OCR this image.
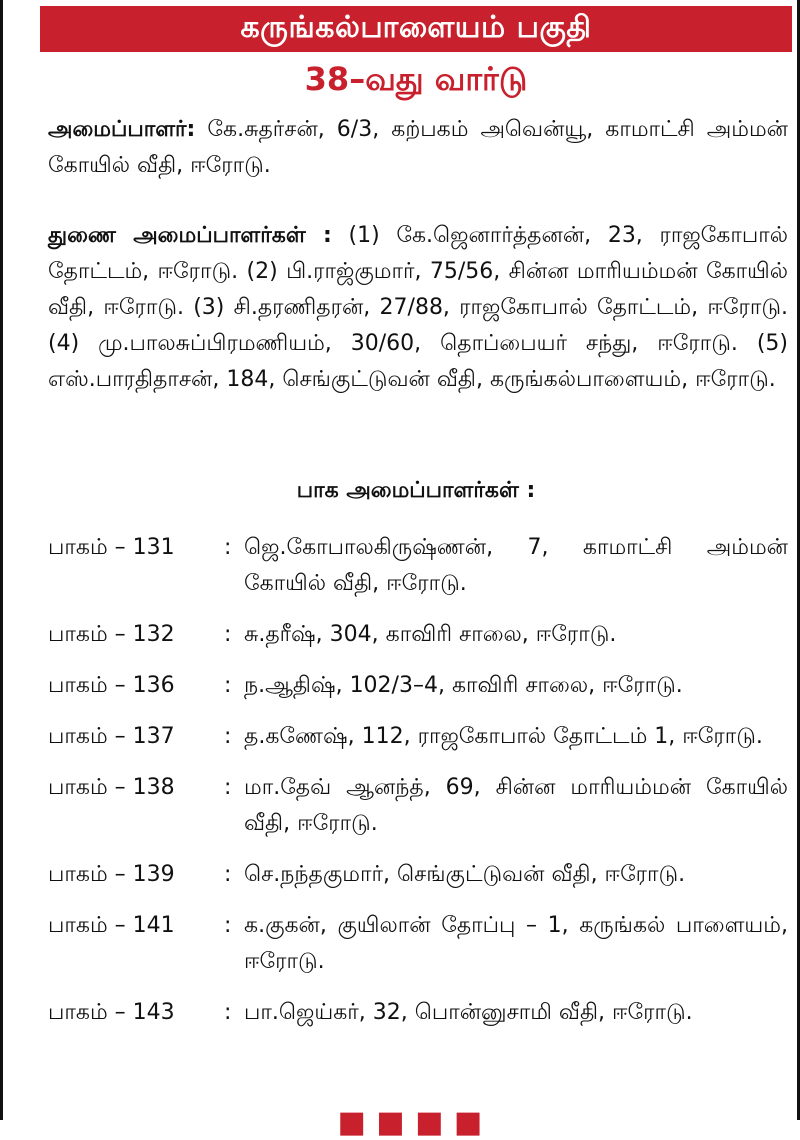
கருங்கல்பாளையம் பகுதி
38–வது வார்டு
அமைப்பாளர்: கே.சுதர்சன், 6/3, கற்பகம் அவென்யூ, காமாட்சி அம்மன் கோயில் வீதி, ஈரோடு.
துணை அமைப்பாளர்கள் : (1) கே.ஜெனார்த்தனன், 23, ராஜகோபால் தோட்டம், ஈரோடு. (2) பி.ராஜ்குமார், 75/56, சின்ன மாரியம்மன் கோயில் வீதி, ஈரோடு. (3) சி.தரணிதரன், 27/88, ராஜகோபால் தோட்டம், ஈரோடு. (4) மு.பாலசுப்பிரமணியம், 30/60, தொப்பையர் சந்து, ஈரோடு. (5) எஸ்.பாரதிதாசன், 184, செங்குட்டுவன் வீதி, கருங்கல்பாளையம், ஈரோடு.
பாக அமைப்பாளர்கள் :
பாகம் – 131	: ஜெ.கோபாலகிருஷ்ணன், 7, காமாட்சி அம்மன் கோயில் வீதி, ஈரோடு.
பாகம் – 132	: சு.தரீஷ், 304, காவிரி சாலை, ஈரோடு.
பாகம் – 136	: ந.ஆதிஷ், 102/3–4, காவிரி சாலை, ஈரோடு.
பாகம் – 137	: த.கணேஷ், 112, ராஜகோபால் தோட்டம் 1, ஈரோடு.
பாகம் – 138	: மா.தேவ் ஆனந்த், 69, சின்ன மாரியம்மன் கோயில் வீதி, ஈரோடு.
பாகம் – 139	: செ.நந்தகுமார், செங்குட்டுவன் வீதி, ஈரோடு.
பாகம் – 141	: க.குகன், குயிலான் தோப்பு – 1, கருங்கல் பாளையம், ஈரோடு.
பாகம் – 143	: பா.ஜெய்கர், 32, பொன்னுசாமி வீதி, ஈரோடு.
■ ■ ■ ■
